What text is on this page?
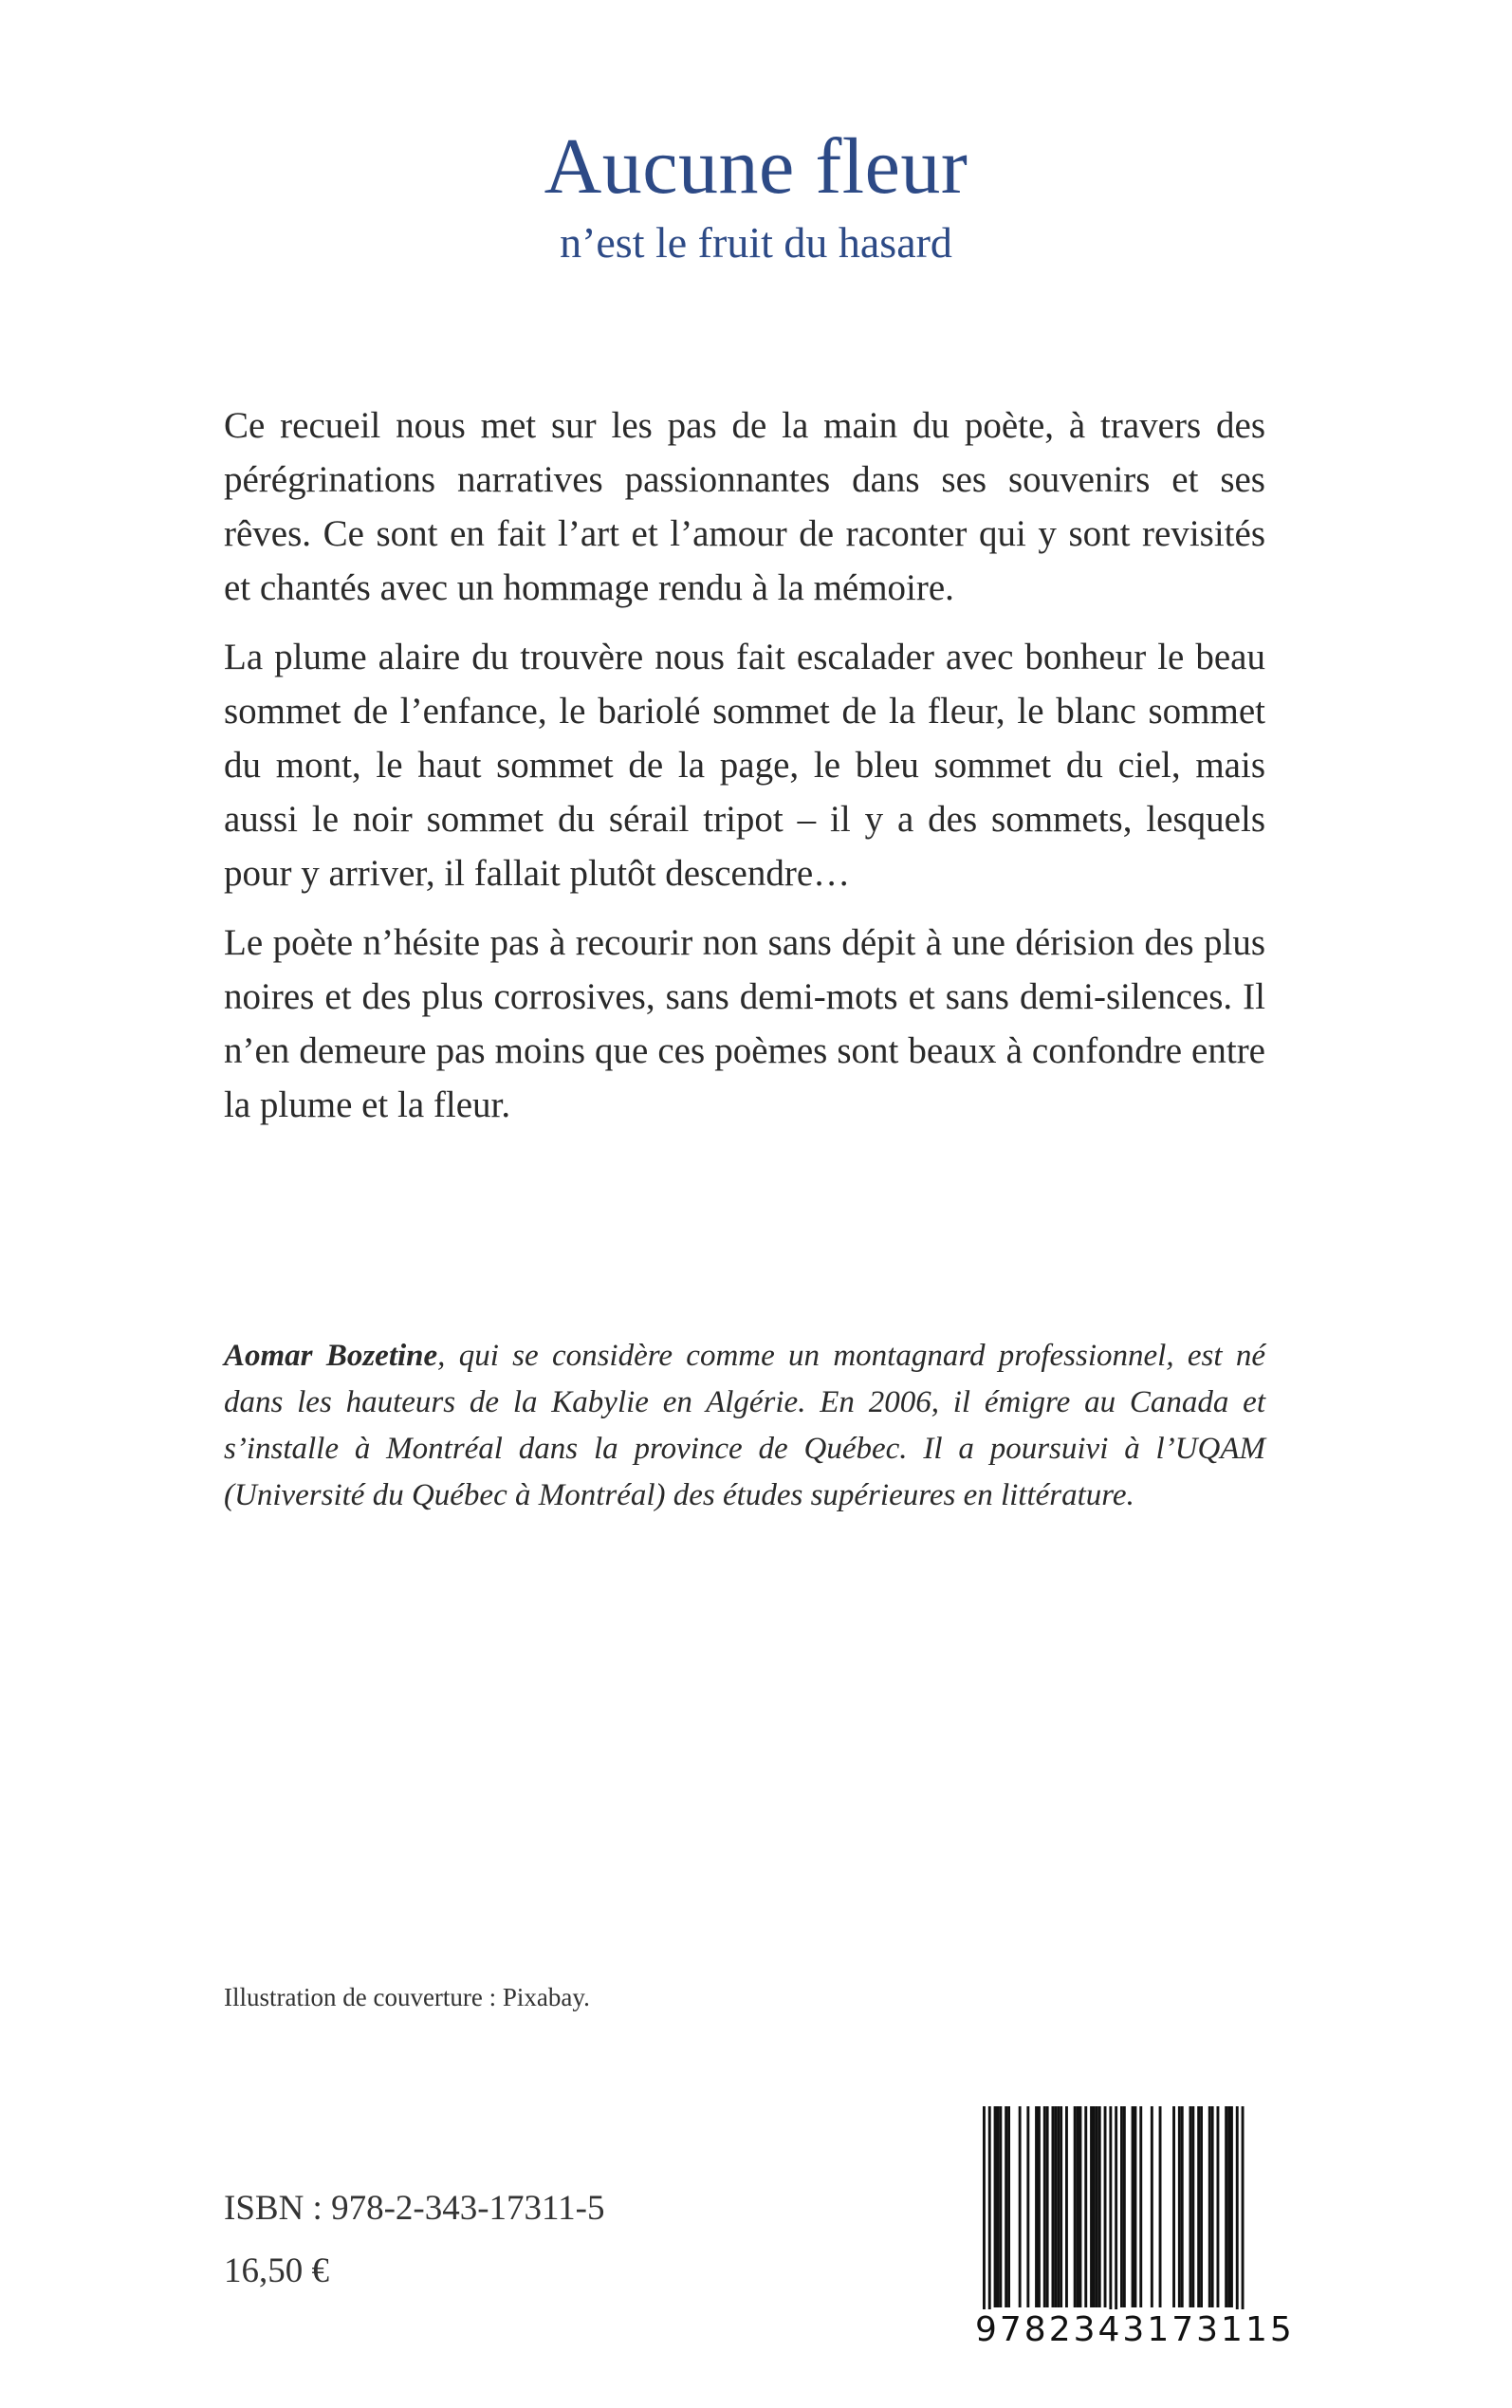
Aucune fleur
n’est le fruit du hasard

Ce recueil nous met sur les pas de la main du poète, à travers des pérégrinations narratives passionnantes dans ses souvenirs et ses rêves. Ce sont en fait l’art et l’amour de raconter qui y sont revisités et chantés avec un hommage rendu à la mémoire.

La plume alaire du trouvère nous fait escalader avec bonheur le beau sommet de l’enfance, le bariolé sommet de la fleur, le blanc sommet du mont, le haut sommet de la page, le bleu sommet du ciel, mais aussi le noir sommet du sérail tripot – il y a des sommets, lesquels pour y arriver, il fallait plutôt descendre…

Le poète n’hésite pas à recourir non sans dépit à une dérision des plus noires et des plus corrosives, sans demi-mots et sans demi-silences. Il n’en demeure pas moins que ces poèmes sont beaux à confondre entre la plume et la fleur.

Aomar Bozetine, qui se considère comme un montagnard professionnel, est né dans les hauteurs de la Kabylie en Algérie. En 2006, il émigre au Canada et s’installe à Montréal dans la province de Québec. Il a poursuivi à l’UQAM (Université du Québec à Montréal) des études supérieures en littérature.
Illustration de couverture : Pixabay.
ISBN : 978-2-343-17311-5
16,50 €
9782343173115
